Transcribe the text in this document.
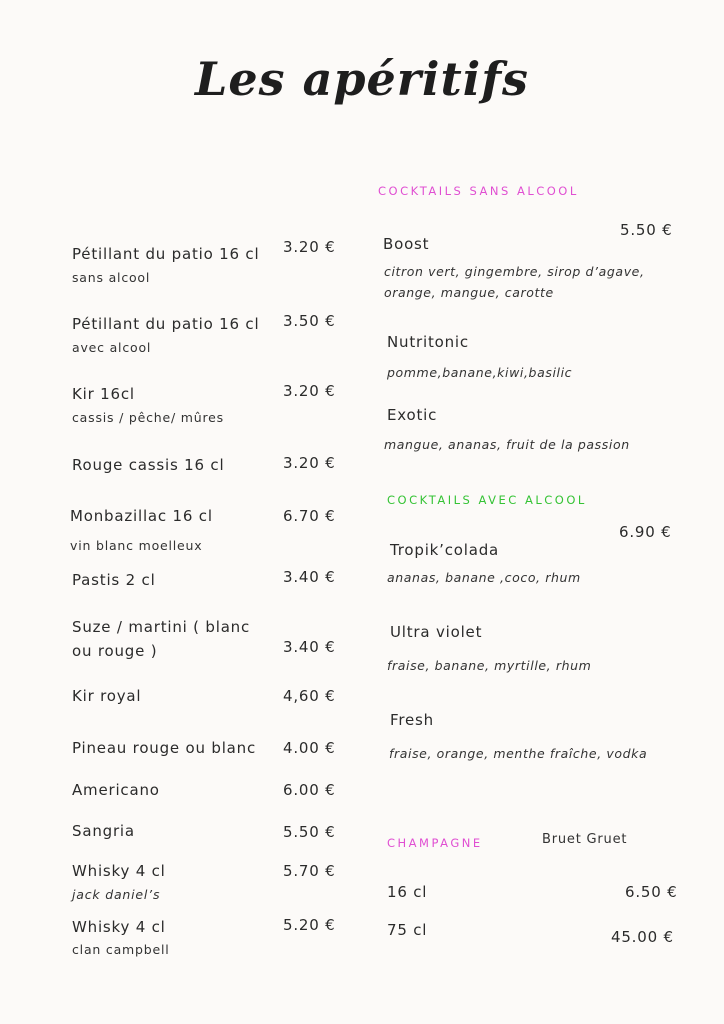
Les apéritifs
Pétillant du patio 16 cl
sans alcool
3.20 €
Pétillant du patio 16 cl
avec alcool
3.50 €
Kir 16cl
cassis / pêche/ mûres
3.20 €
Rouge cassis 16 cl	3.20 €
Monbazillac 16 cl
vin blanc moelleux
6.70 €
Pastis 2 cl	3.40 €
Suze / martini ( blanc ou rouge )	3.40 €
Kir royal	4,60 €
Pineau rouge ou blanc 4.00 €
Americano	6.00 €
Sangria	5.50 €
Whisky 4 cl
jack daniel’s
5.70 €
Whisky 4 cl
clan campbell
5.20 €
COCKTAILS SANS ALCOOL
5.50 €
Boost
citron vert, gingembre, sirop d’agave, orange, mangue, carotte
Nutritonic
pomme,banane,kiwi,basilic
Exotic
mangue, ananas, fruit de la passion
COCKTAILS AVEC ALCOOL
6.90 €
Tropik’colada
ananas, banane ,coco, rhum
Ultra violet
fraise, banane, myrtille, rhum
Fresh
fraise, orange, menthe fraîche, vodka
CHAMPAGNE	Bruet Gruet
16 cl	6.50 €
75 cl	45.00 €
